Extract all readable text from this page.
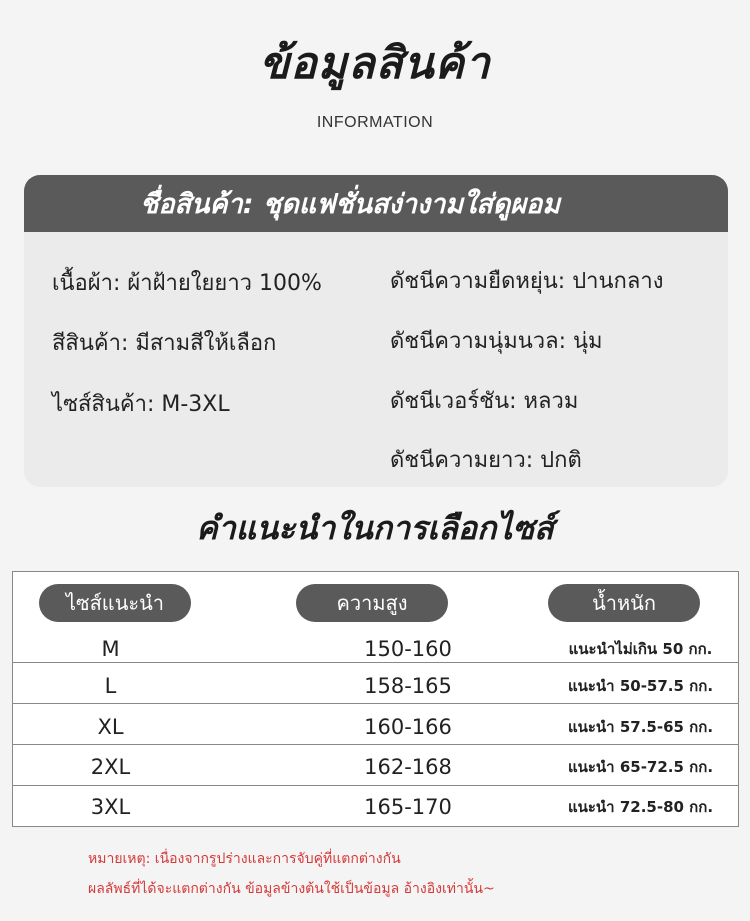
ข้อมูลสินค้า
INFORMATION
ชื่อสินค้า: ชุดแฟชั่นสง่างามใส่ดูผอม
เนื้อผ้า: ผ้าฝ้ายใยยาว 100%
สีสินค้า: มีสามสีให้เลือก
ไซส์สินค้า: M-3XL
ดัชนีความยืดหยุ่น: ปานกลาง
ดัชนีความนุ่มนวล: นุ่ม
ดัชนีเวอร์ชัน: หลวม
ดัชนีความยาว: ปกติ
คำแนะนำในการเลือกไซส์
ไซส์แนะนำ	ความสูง	น้ำหนัก
M	150-160	แนะนำไม่เกิน 50 กก.
L	158-165	แนะนำ 50-57.5 กก.
XL	160-166	แนะนำ 57.5-65 กก.
2XL	162-168	แนะนำ 65-72.5 กก.
3XL	165-170	แนะนำ 72.5-80 กก.
หมายเหตุ: เนื่องจากรูปร่างและการจับคู่ที่แตกต่างกัน
ผลลัพธ์ที่ได้จะแตกต่างกัน ข้อมูลข้างต้นใช้เป็นข้อมูล อ้างอิงเท่านั้น~
